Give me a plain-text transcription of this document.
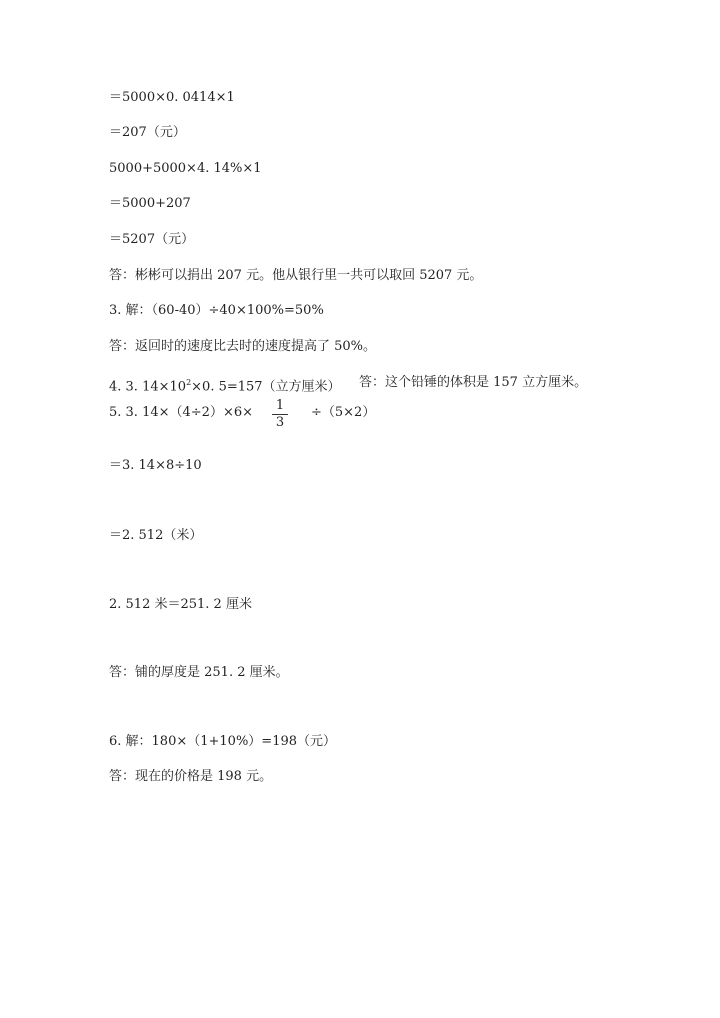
＝5000×0. 0414×1
＝207（元）
5000+5000×4. 14%×1
＝5000+207
＝5207（元）
答：彬彬可以捐出 207 元。他从银行里一共可以取回 5207 元。
3. 解：（60-40）÷40×100%=50%
答：返回时的速度比去时的速度提高了 50%。
4. 3. $14\times 10^2\times 0$. 5=157（立方厘米） 答：这个铅锤的体积是 157 立方厘米。
5. 3. 14×（4÷2）×6× 1
3
÷（5×2）
＝3. 14×8÷10
＝2. 512（米）
2. 512 米＝251. 2 厘米
答：铺的厚度是 251. 2 厘米。
6. 解：180×（1+10%）=198（元）
答：现在的价格是 198 元。
